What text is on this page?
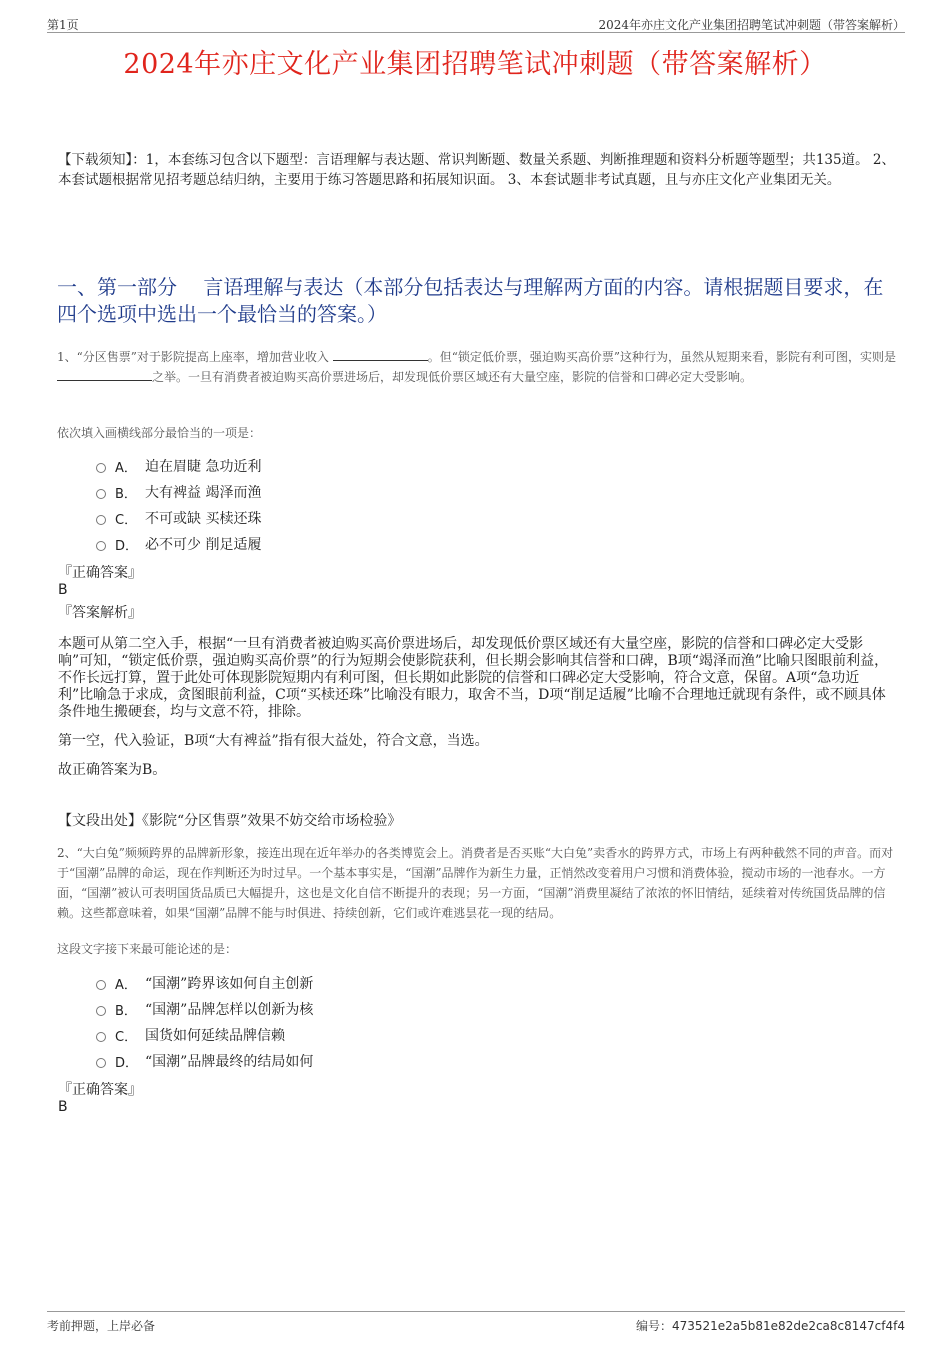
第1页	2024年亦庄文化产业集团招聘笔试冲刺题（带答案解析）
2024年亦庄文化产业集团招聘笔试冲刺题（带答案解析）
【下载须知】：1，本套练习包含以下题型：言语理解与表达题、常识判断题、数量关系题、判断推理题和资料分析题等题型；共135道。 2、本套试题根据常见招考题总结归纳，主要用于练习答题思路和拓展知识面。 3、本套试题非考试真题，且与亦庄文化产业集团无关。
一、第一部分　 言语理解与表达（本部分包括表达与理解两方面的内容。请根据题目要求，在四个选项中选出一个最恰当的答案。）
1、“分区售票”对于影院提高上座率，增加营业收入	。但“锁定低价票，强迫购买高价票”这种行为，虽然从短期来看，影院有利可图，实则是 之举。一旦有消费者被迫购买高价票进场后，却发现低价票区域还有大量空座，影院的信誉和口碑必定大受影响。
依次填入画横线部分最恰当的一项是：
A． 迫在眉睫 急功近利
B． 大有裨益 竭泽而渔
C． 不可或缺 买椟还珠
D． 必不可少 削足适履
『正确答案』
B
『答案解析』

本题可从第二空入手，根据“一旦有消费者被迫购买高价票进场后，却发现低价票区域还有大量空座，影院的信誉和口碑必定大受影响”可知，“锁定低价票，强迫购买高价票”的行为短期会使影院获利，但长期会影响其信誉和口碑，B项“竭泽而渔”比喻只图眼前利益，不作长远打算，置于此处可体现影院短期内有利可图，但长期如此影院的信誉和口碑必定大受影响，符合文意，保留。A项“急功近利”比喻急于求成，贪图眼前利益，C项“买椟还珠”比喻没有眼力，取舍不当，D项“削足适履”比喻不合理地迁就现有条件，或不顾具体条件地生搬硬套，均与文意不符，排除。

第一空，代入验证，B项“大有裨益”指有很大益处，符合文意，当选。

故正确答案为B。

【文段出处】《影院“分区售票”效果不妨交给市场检验》
2、“大白兔”频频跨界的品牌新形象，接连出现在近年举办的各类博览会上。消费者是否买账“大白兔”卖香水的跨界方式，市场上有两种截然不同的声音。而对于“国潮”品牌的命运，现在作判断还为时过早。一个基本事实是，“国潮”品牌作为新生力量，正悄然改变着用户习惯和消费体验，搅动市场的一池春水。一方面，“国潮”被认可表明国货品质已大幅提升，这也是文化自信不断提升的表现；另一方面，“国潮”消费里凝结了浓浓的怀旧情结，延续着对传统国货品牌的信赖。这些都意味着，如果“国潮”品牌不能与时俱进、持续创新，它们或许难逃昙花一现的结局。
这段文字接下来最可能论述的是：
A． “国潮”跨界该如何自主创新
B． “国潮”品牌怎样以创新为核
C． 国货如何延续品牌信赖
D． “国潮”品牌最终的结局如何
『正确答案』
B
考前押题，上岸必备	编号：473521e2a5b81e82de2ca8c8147cf4f4
